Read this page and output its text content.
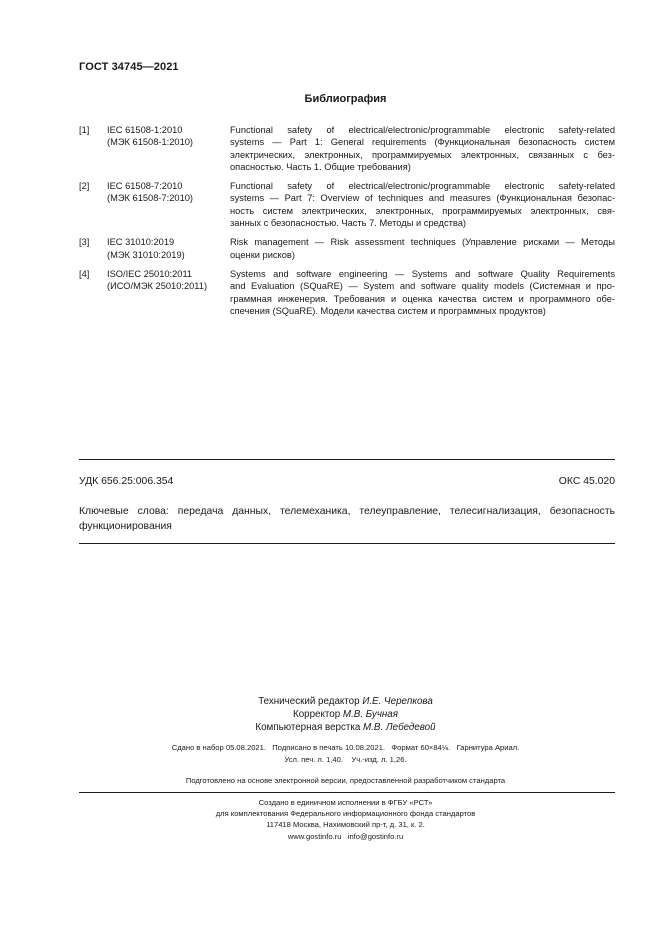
ГОСТ 34745—2021
Библиография
[1]	IEC 61508-1:2010
(МЭК 61508-1:2010)
Functional safety of electrical/electronic/programmable electronic safety-related
systems — Part 1: General requirements (Функциональная безопасность систем
электрических, электронных, программируемых электронных, связанных с без-
опасностью. Часть 1. Общие требования)
[2]	IEC 61508-7:2010
(МЭК 61508-7:2010)
Functional safety of electrical/electronic/programmable electronic safety-related
systems — Part 7: Overview of techniques and measures (Функциональная безопас-
ность систем электрических, электронных, программируемых электронных, свя-
занных с безопасностью. Часть 7. Методы и средства)
[3]	IEC 31010:2019
(МЭК 31010:2019)
Risk management — Risk assessment techniques (Управление рисками — Методы
оценки рисков)
[4]	ISO/IEC 25010:2011
(ИСО/МЭК 25010:2011)
Systems and software engineering — Systems and software Quality Requirements
and Evaluation (SQuaRE) — System and software quality models (Системная и про-
граммная инженерия. Требования и оценка качества систем и программного обе-
спечения (SQuaRE). Модели качества систем и программных продуктов)
УДК 656.25:006.354	ОКС 45.020
Ключевые слова: передача данных, телемеханика, телеуправление, телесигнализация, безопасность
функционирования
Технический редактор И.Е. Черепкова
Корректор М.В. Бучная
Компьютерная верстка М.В. Лебедевой
Сдано в набор 05.08.2021.   Подписано в печать 10.08.2021.   Формат 60×84⅛.   Гарнитура Ариал.
Усл. печ. л. 1,40.    Уч.-изд. л. 1,26.
Подготовлено на основе электронной версии, предоставленной разработчиком стандарта
Создано в единичном исполнении в ФГБУ «РСТ»
для комплектования Федерального информационного фонда стандартов
117418 Москва, Нахимовский пр-т, д. 31, к. 2.
www.gostinfo.ru   info@gostinfo.ru
